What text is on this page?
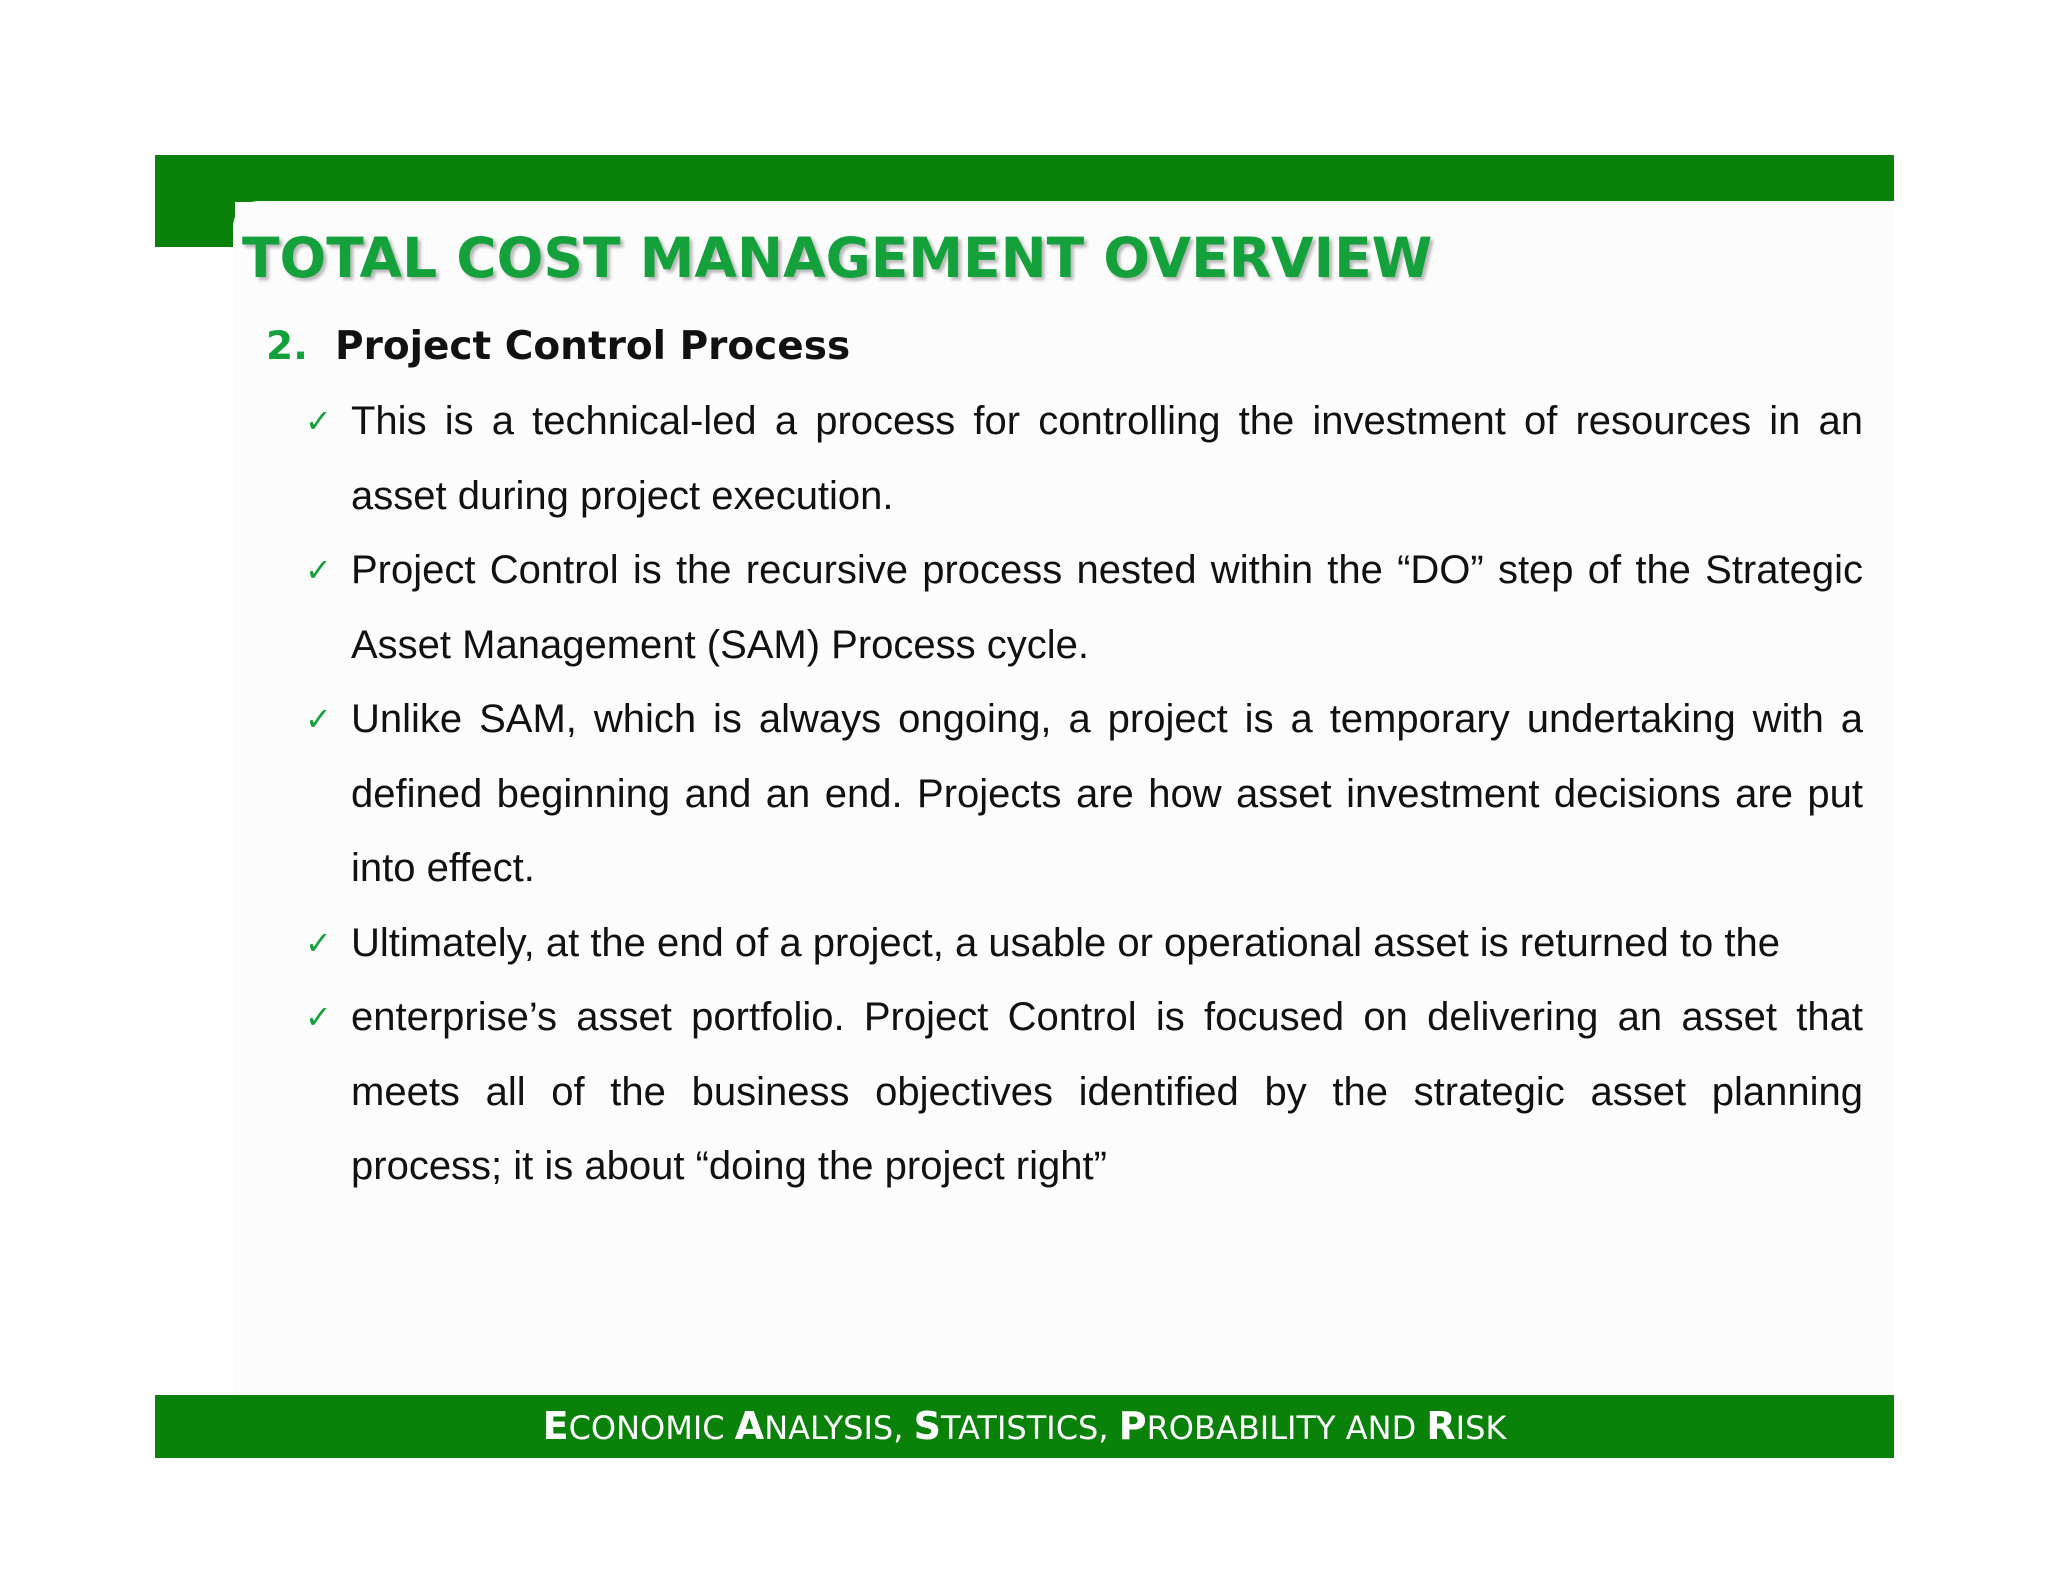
TOTAL COST MANAGEMENT OVERVIEW
2. Project Control Process
✓ This is a technical-led a process for controlling the investment of resources in an asset during project execution.
✓ Project Control is the recursive process nested within the “DO” step of the Strategic Asset Management (SAM) Process cycle.
✓ Unlike SAM, which is always ongoing, a project is a temporary undertaking with a defined beginning and an end. Projects are how asset investment decisions are put into effect.
✓ Ultimately, at the end of a project, a usable or operational asset is returned to the
✓ enterprise’s asset portfolio. Project Control is focused on delivering an asset that meets all of the business objectives identified by the strategic asset planning process; it is about “doing the project right”
ECONOMIC ANALYSIS, STATISTICS, PROBABILITY AND RISK
